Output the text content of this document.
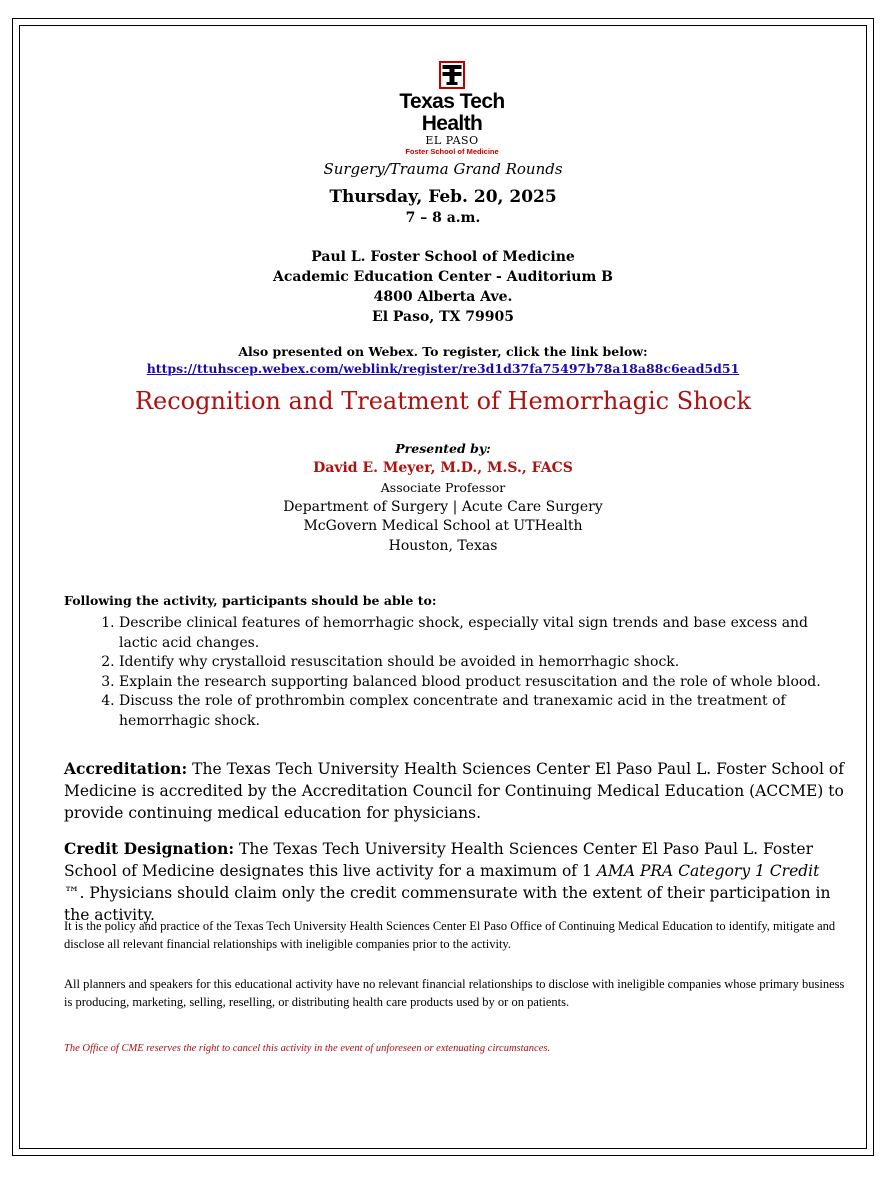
Texas Tech Health
EL PASO
Foster School of Medicine
Surgery/Trauma Grand Rounds
Thursday, Feb. 20, 2025
7 – 8 a.m.
Paul L. Foster School of Medicine
Academic Education Center - Auditorium B
4800 Alberta Ave.
El Paso, TX 79905
Also presented on Webex. To register, click the link below:
https://ttuhscep.webex.com/weblink/register/re3d1d37fa75497b78a18a88c6ead5d51
Recognition and Treatment of Hemorrhagic Shock
Presented by:
David E. Meyer, M.D., M.S., FACS
Associate Professor
Department of Surgery | Acute Care Surgery
McGovern Medical School at UTHealth
Houston, Texas
Following the activity, participants should be able to:
1. Describe clinical features of hemorrhagic shock, especially vital sign trends and base excess and lactic acid changes.
2. Identify why crystalloid resuscitation should be avoided in hemorrhagic shock.
3. Explain the research supporting balanced blood product resuscitation and the role of whole blood.
4. Discuss the role of prothrombin complex concentrate and tranexamic acid in the treatment of hemorrhagic shock.
Accreditation: The Texas Tech University Health Sciences Center El Paso Paul L. Foster School of Medicine is accredited by the Accreditation Council for Continuing Medical Education (ACCME) to provide continuing medical education for physicians.
Credit Designation: The Texas Tech University Health Sciences Center El Paso Paul L. Foster School of Medicine designates this live activity for a maximum of 1 AMA PRA Category 1 Credit ™. Physicians should claim only the credit commensurate with the extent of their participation in the activity.
It is the policy and practice of the Texas Tech University Health Sciences Center El Paso Office of Continuing Medical Education to identify, mitigate and disclose all relevant financial relationships with ineligible companies prior to the activity.
All planners and speakers for this educational activity have no relevant financial relationships to disclose with ineligible companies whose primary business is producing, marketing, selling, reselling, or distributing health care products used by or on patients.
The Office of CME reserves the right to cancel this activity in the event of unforeseen or extenuating circumstances.
